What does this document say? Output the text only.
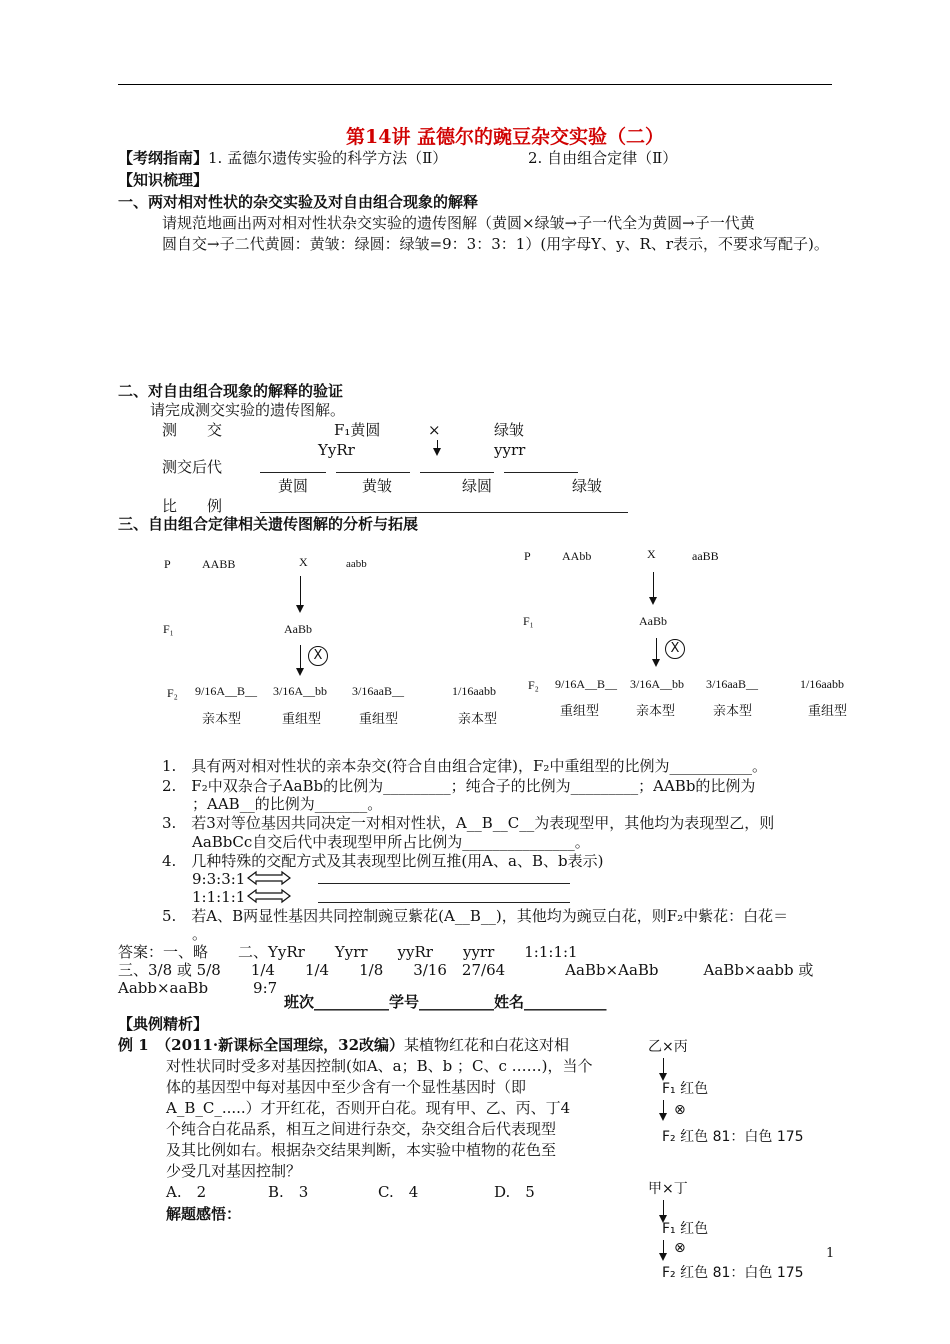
第14讲 孟德尔的豌豆杂交实验（二）
【考纲指南】1. 孟德尔遗传实验的科学方法（Ⅱ）	2. 自由组合定律（Ⅱ）
【知识梳理】
一、两对相对性状的杂交实验及对自由组合现象的解释
请规范地画出两对相对性状杂交实验的遗传图解（黄圆×绿皱→子一代全为黄圆→子一代黄
圆自交→子二代黄圆：黄皱：绿圆：绿皱=9：3：3：1）(用字母Y、y、R、r表示，不要求写配子)。
二、对自由组合现象的解释的验证
请完成测交实验的遗传图解。
测　　交	F₁黄圆	×	绿皱
YyRr	yyrr
测交后代
黄圆	黄皱	绿圆	绿皱
比　　例
三、自由组合定律相关遗传图解的分析与拓展
P	AABB	X	aabb
F₁	AaBb
X
F₂ 9/16A__B__ 3/16A__bb 3/16aaB__	1/16aabb
亲本型	重组型	重组型	亲本型
P	AAbb	X	aaBB
F₁	AaBb
X
F₂ 9/16A__B__ 3/16A__bb 3/16aaB__	1/16aabb
重组型	亲本型	亲本型	重组型
1.　具有两对相对性状的亲本杂交(符合自由组合定律)，F₂中重组型的比例为___________。
2.　F₂中双杂合子AaBb的比例为_________；纯合子的比例为_________；AABb的比例为
；AAB__的比例为_______。
3.　若3对等位基因共同决定一对相对性状，A__B__C__为表现型甲，其他均为表现型乙，则
AaBbCc自交后代中表现型甲所占比例为_______________。
4.　几种特殊的交配方式及其表现型比例互推(用A、a、B、b表示)
9:3:3:1
1:1:1:1
5.　若A、B两显性基因共同控制豌豆紫花(A__B__)，其他均为豌豆白花，则F₂中紫花：白花＝
。
答案：一、略　　二、YyRr　　Yyrr　　yyRr　　yyrr　　1:1:1:1
三、3/8 或 5/8　　1/4　　1/4　　1/8　　3/16　27/64　　　　AaBb×AaBb　　　AaBb×aabb 或
Aabb×aaBb　　　9:7
班次__________学号__________姓名___________
【典例精析】
例 1　（2011·新课标全国理综，32改编）某植物红花和白花这对相
对性状同时受多对基因控制(如A、a；B、b ；C、c ……)，当个
体的基因型中每对基因中至少含有一个显性基因时（即
A_B_C_.....）才开红花，否则开白花。现有甲、乙、丙、丁4
个纯合白花品系，相互之间进行杂交，杂交组合后代表现型
及其比例如右。根据杂交结果判断，本实验中植物的花色至
少受几对基因控制？
A.　2	B.　3	C.　4	D.　5
解题感悟：
乙×丙
F₁ 红色
⊗
F₂ 红色 81：白色 175
甲×丁
F₁ 红色
⊗
F₂ 红色 81：白色 175
1
